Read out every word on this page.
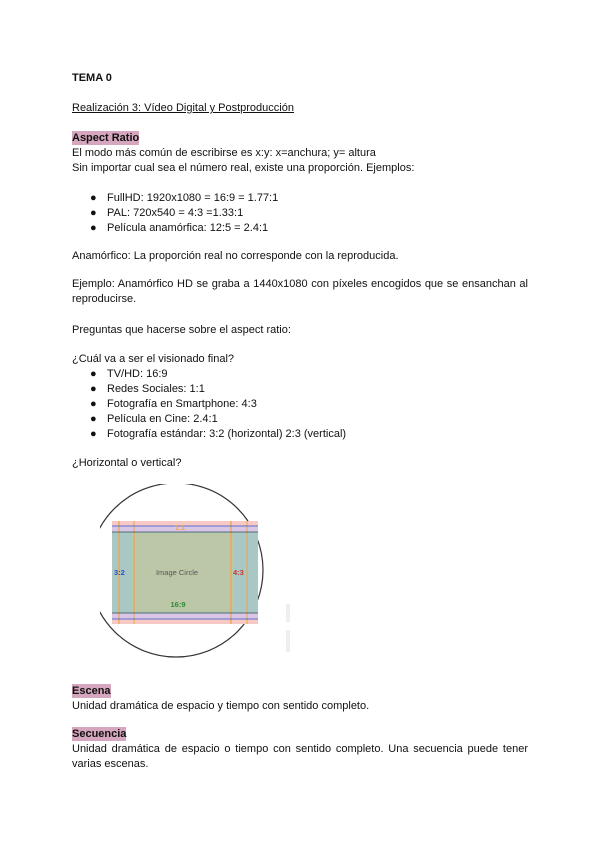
TEMA 0
Realización 3: Vídeo Digital y Postproducción
Aspect Ratio
El modo más común de escribirse es x:y: x=anchura; y= altura
Sin importar cual sea el número real, existe una proporción. Ejemplos:
● FullHD: 1920x1080 = 16:9 = 1.77:1
● PAL: 720x540 = 4:3 =1.33:1
● Película anamórfica: 12:5 = 2.4:1
Anamórfico: La proporción real no corresponde con la reproducida.
Ejemplo: Anamórfico HD se graba a 1440x1080 con píxeles encogidos que se ensanchan al reproducirse.
Preguntas que hacerse sobre el aspect ratio:
¿Cuál va a ser el visionado final?
● TV/HD: 16:9
● Redes Sociales: 1:1
● Fotografía en Smartphone: 4:3
● Película en Cine: 2.4:1
● Fotografía estándar: 3:2 (horizontal) 2:3 (vertical)
¿Horizontal o vertical?
1:1
Image Circle
3:2	4:3
16:9
Escena
Unidad dramática de espacio y tiempo con sentido completo.
Secuencia
Unidad dramática de espacio o tiempo con sentido completo. Una secuencia puede tener varias escenas.
